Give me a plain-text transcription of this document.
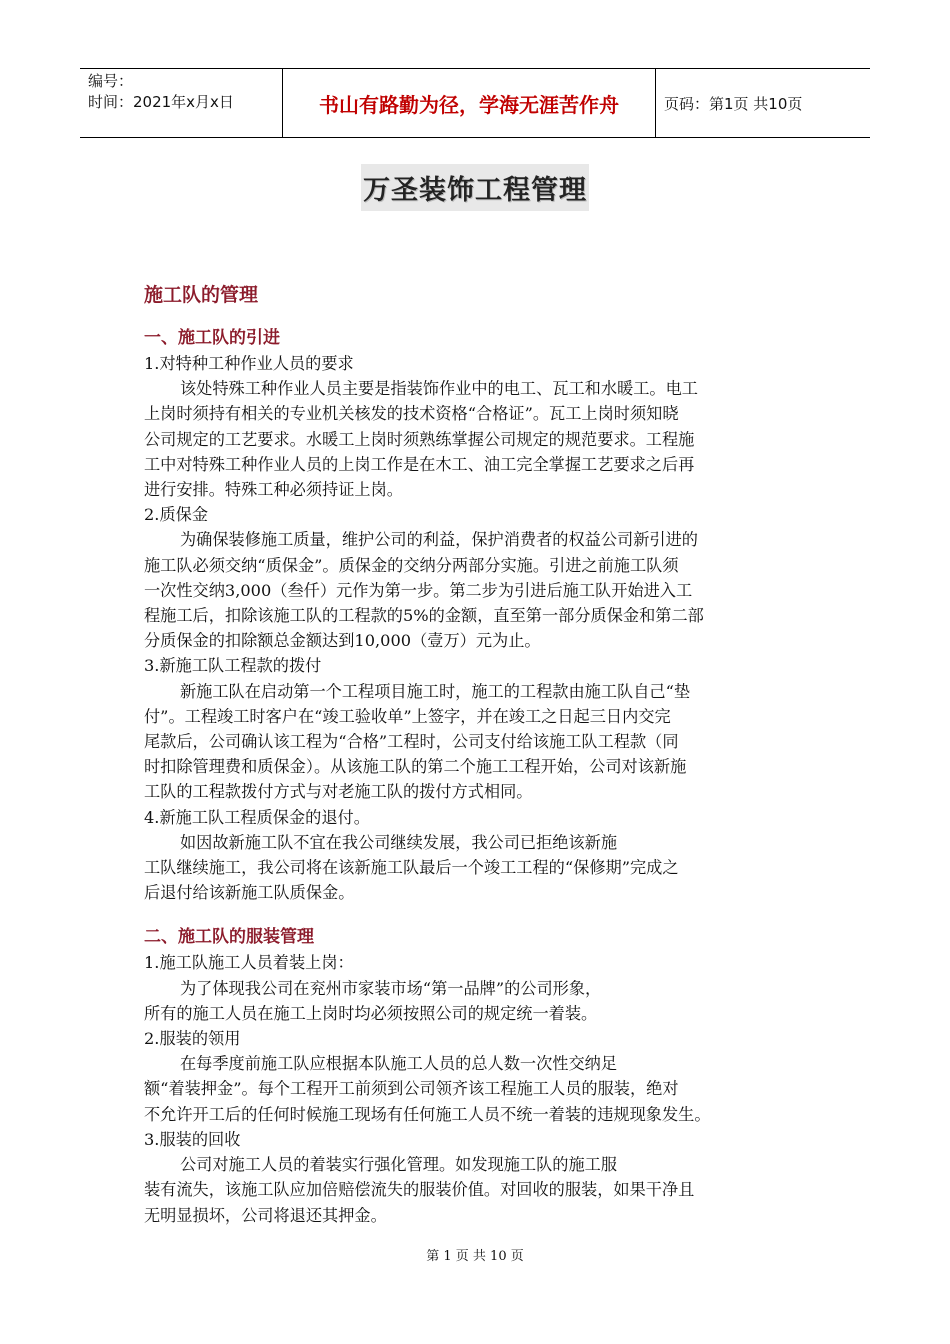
编号：
时间：2021年x月x日	书山有路勤为径，学海无涯苦作舟	页码：第1页 共10页
万圣装饰工程管理
施工队的管理
一、施工队的引进

1.对特种工种作业人员的要求

该处特殊工种作业人员主要是指装饰作业中的电工、瓦工和水暖工。电工

上岗时须持有相关的专业机关核发的技术资格“合格证”。瓦工上岗时须知晓

公司规定的工艺要求。水暖工上岗时须熟练掌握公司规定的规范要求。工程施

工中对特殊工种作业人员的上岗工作是在木工、油工完全掌握工艺要求之后再

进行安排。特殊工种必须持证上岗。

2.质保金

为确保装修施工质量，维护公司的利益，保护消费者的权益公司新引进的

施工队必须交纳“质保金”。质保金的交纳分两部分实施。引进之前施工队须

一次性交纳3,000（叁仟）元作为第一步。第二步为引进后施工队开始进入工

程施工后，扣除该施工队的工程款的5%的金额，直至第一部分质保金和第二部

分质保金的扣除额总金额达到10,000（壹万）元为止。

3.新施工队工程款的拨付

新施工队在启动第一个工程项目施工时，施工的工程款由施工队自己“垫

付”。工程竣工时客户在“竣工验收单”上签字，并在竣工之日起三日内交完

尾款后，公司确认该工程为“合格”工程时，公司支付给该施工队工程款（同

时扣除管理费和质保金）。从该施工队的第二个施工工程开始，公司对该新施

工队的工程款拨付方式与对老施工队的拨付方式相同。

4.新施工队工程质保金的退付。

如因故新施工队不宜在我公司继续发展，我公司已拒绝该新施

工队继续施工，我公司将在该新施工队最后一个竣工工程的“保修期”完成之

后退付给该新施工队质保金。

二、施工队的服装管理

1.施工队施工人员着装上岗：

为了体现我公司在兖州市家装市场“第一品牌”的公司形象，

所有的施工人员在施工上岗时均必须按照公司的规定统一着装。

2.服装的领用

在每季度前施工队应根据本队施工人员的总人数一次性交纳足

额“着装押金”。每个工程开工前须到公司领齐该工程施工人员的服装，绝对

不允许开工后的任何时候施工现场有任何施工人员不统一着装的违规现象发生。

3.服装的回收

公司对施工人员的着装实行强化管理。如发现施工队的施工服

装有流失，该施工队应加倍赔偿流失的服装价值。对回收的服装，如果干净且

无明显损坏，公司将退还其押金。

第 1 页 共 10 页
